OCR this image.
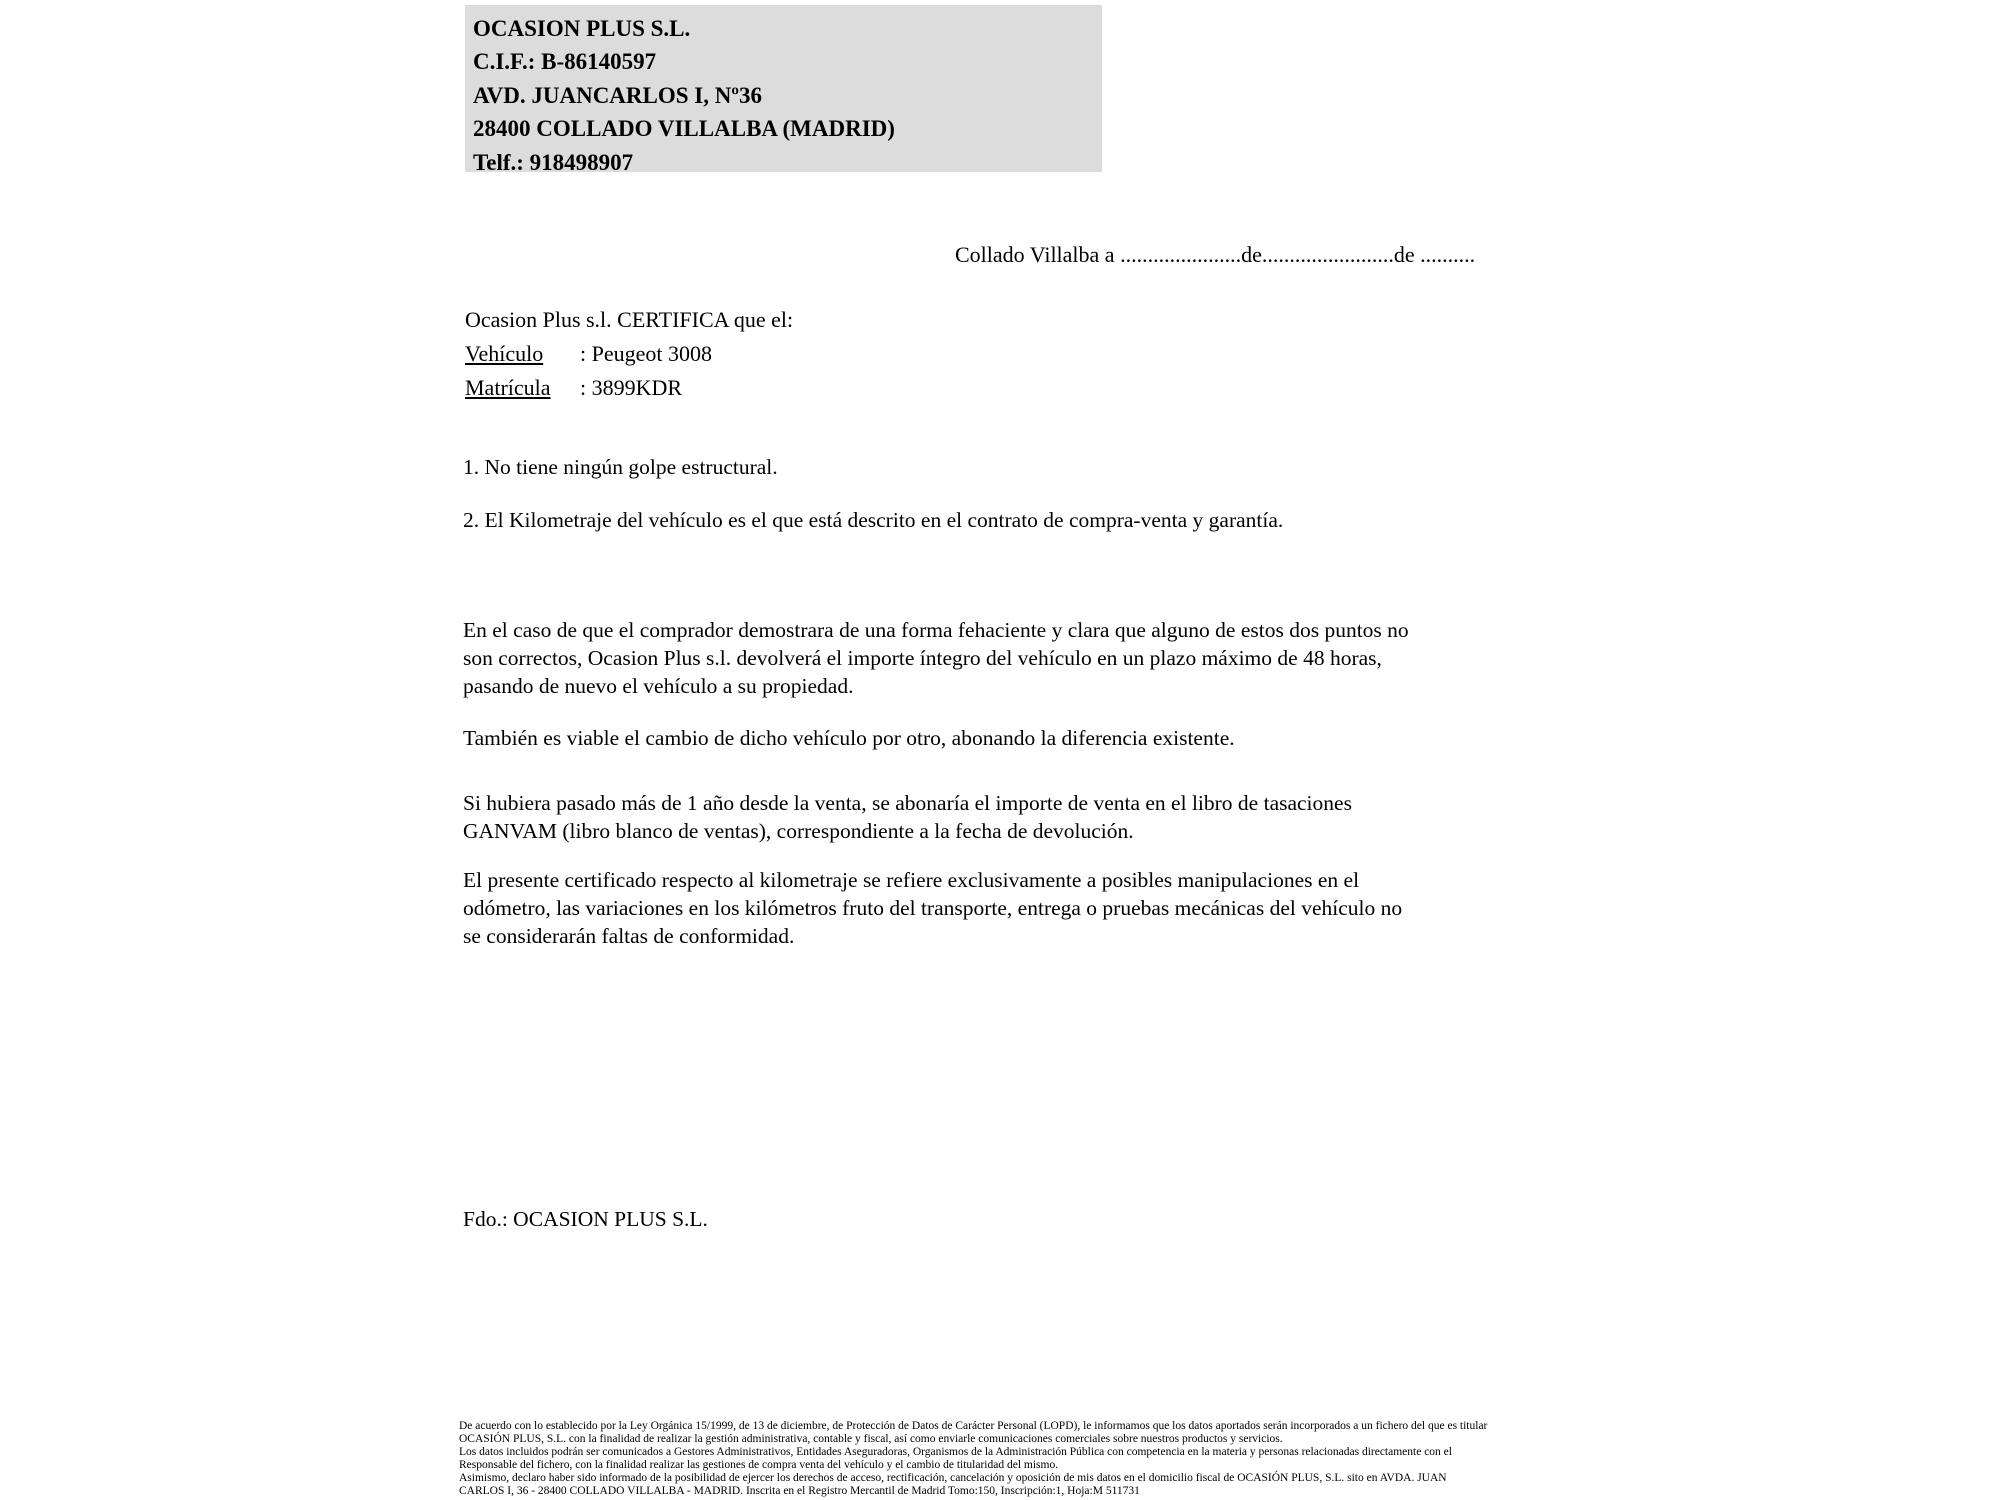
OCASION PLUS S.L.
C.I.F.: B-86140597
AVD. JUANCARLOS I, Nº36
28400 COLLADO VILLALBA (MADRID)
Telf.: 918498907
Collado Villalba a ......................de........................de ..........
Ocasion Plus s.l. CERTIFICA que el:
Vehículo : Peugeot 3008
Matrícula : 3899KDR
1. No tiene ningún golpe estructural.
2. El Kilometraje del vehículo es el que está descrito en el contrato de compra-venta y garantía.
En el caso de que el comprador demostrara de una forma fehaciente y clara que alguno de estos dos puntos no
son correctos, Ocasion Plus s.l. devolverá el importe íntegro del vehículo en un plazo máximo de 48 horas,
pasando de nuevo el vehículo a su propiedad.
También es viable el cambio de dicho vehículo por otro, abonando la diferencia existente.
Si hubiera pasado más de 1 año desde la venta, se abonaría el importe de venta en el libro de tasaciones
GANVAM (libro blanco de ventas), correspondiente a la fecha de devolución.
El presente certificado respecto al kilometraje se refiere exclusivamente a posibles manipulaciones en el
odómetro, las variaciones en los kilómetros fruto del transporte, entrega o pruebas mecánicas del vehículo no
se considerarán faltas de conformidad.
Fdo.: OCASION PLUS S.L.
De acuerdo con lo establecido por la Ley Orgánica 15/1999, de 13 de diciembre, de Protección de Datos de Carácter Personal (LOPD), le informamos que los datos aportados serán incorporados a un fichero del que es titular
OCASIÓN PLUS, S.L. con la finalidad de realizar la gestión administrativa, contable y fiscal, así como enviarle comunicaciones comerciales sobre nuestros productos y servicios.
Los datos incluidos podrán ser comunicados a Gestores Administrativos, Entidades Aseguradoras, Organismos de la Administración Pública con competencia en la materia y personas relacionadas directamente con el
Responsable del fichero, con la finalidad realizar las gestiones de compra venta del vehículo y el cambio de titularidad del mismo.
Asimismo, declaro haber sido informado de la posibilidad de ejercer los derechos de acceso, rectificación, cancelación y oposición de mis datos en el domicilio fiscal de OCASIÓN PLUS, S.L. sito en AVDA. JUAN
CARLOS I, 36 - 28400 COLLADO VILLALBA - MADRID. Inscrita en el Registro Mercantil de Madrid Tomo:150, Inscripción:1, Hoja:M 511731
